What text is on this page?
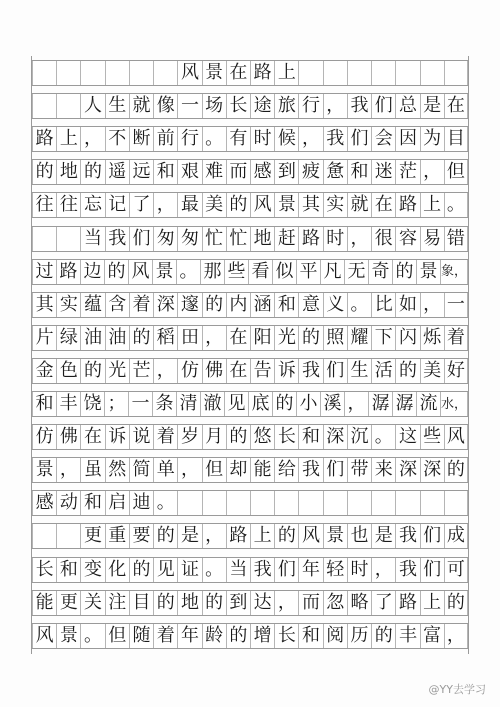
风 景 在 路 上
人 生 就 像 一 场 长 途 旅 行 ， 我 们 总 是 在
路 上 ， 不 断 前 行 。 有 时 候 ， 我 们 会 因 为 目
的 地 的 遥 远 和 艰 难 而 感 到 疲 惫 和 迷 茫 ， 但
往 往 忘 记 了 ， 最 美 的 风 景 其 实 就 在 路 上 。
当 我 们 匆 匆 忙 忙 地 赶 路 时 ， 很 容 易 错
过 路 边 的 风 景 。 那 些 看 似 平 凡 无 奇 的 景 象，
其 实 蕴 含 着 深 邃 的 内 涵 和 意 义 。 比 如 ， 一
片 绿 油 油 的 稻 田 ， 在 阳 光 的 照 耀 下 闪 烁 着
金 色 的 光 芒 ， 仿 佛 在 告 诉 我 们 生 活 的 美 好
和 丰 饶 ； 一 条 清 澈 见 底 的 小 溪 ， 潺 潺 流 水，
仿 佛 在 诉 说 着 岁 月 的 悠 长 和 深 沉 。 这 些 风
景 ， 虽 然 简 单 ， 但 却 能 给 我 们 带 来 深 深 的
感 动 和 启 迪 。
更 重 要 的 是 ， 路 上 的 风 景 也 是 我 们 成
长 和 变 化 的 见 证 。 当 我 们 年 轻 时 ， 我 们 可
能 更 关 注 目 的 地 的 到 达 ， 而 忽 略 了 路 上 的
风 景 。 但 随 着 年 龄 的 增 长 和 阅 历 的 丰 富 ，
@YY去学习
